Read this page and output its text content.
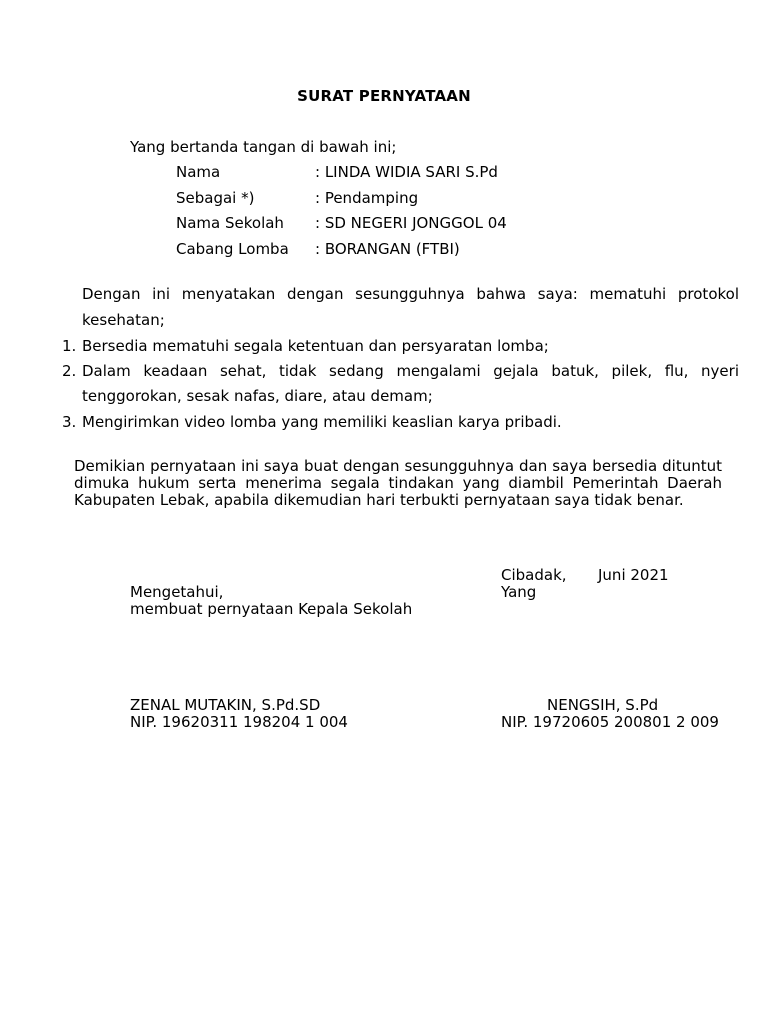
SURAT PERNYATAAN
Yang bertanda tangan di bawah ini;
Nama	: LINDA WIDIA SARI S.Pd
Sebagai *)	: Pendamping
Nama Sekolah : SD NEGERI JONGGOL 04
Cabang Lomba : BORANGAN (FTBI)
Dengan ini menyatakan dengan sesungguhnya bahwa saya: mematuhi protokol
kesehatan;
1. Bersedia mematuhi segala ketentuan dan persyaratan lomba;
2. Dalam keadaan sehat, tidak sedang mengalami gejala batuk, pilek, flu, nyeri
tenggorokan, sesak nafas, diare, atau demam;
3. Mengirimkan video lomba yang memiliki keaslian karya pribadi.
Demikian pernyataan ini saya buat dengan sesungguhnya dan saya bersedia dituntut dimuka hukum serta menerima segala tindakan yang diambil Pemerintah Daerah Kabupaten Lebak, apabila dikemudian hari terbukti pernyataan saya tidak benar.
Cibadak, Juni 2021
Yang
Mengetahui,
membuat pernyataan Kepala Sekolah
ZENAL MUTAKIN, S.Pd.SD
NIP. 19620311 198204 1 004
NENGSIH, S.Pd
NIP. 19720605 200801 2 009
